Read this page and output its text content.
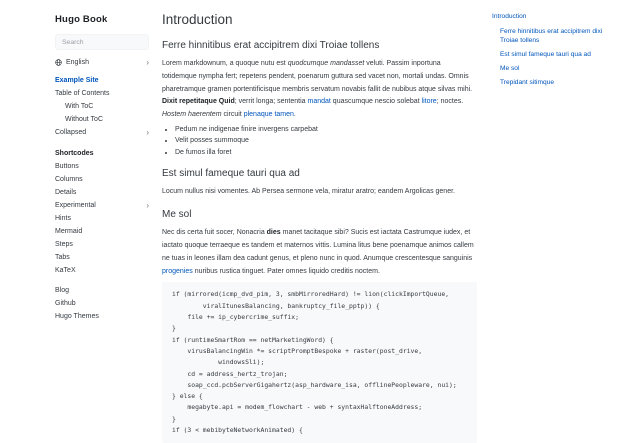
Hugo Book
Search
English	›
Example Site
Table of Contents
With ToC
Without ToC
Collapsed	›
Shortcodes
Buttons
Columns
Details
Experimental	›
Hints
Mermaid
Steps
Tabs
KaTeX
Blog
Github
Hugo Themes
Introduction
Ferre hinnitibus erat accipitrem dixi Troiae tollens

Lorem markdownum, a quoque nutu est quodcumque mandasset veluti. Passim inportuna totidemque nympha fert; repetens pendent, poenarum guttura sed vacet non, mortali undas. Omnis pharetramque gramen portentificisque membris servatum novabis fallit de nubibus atque silvas mihi. Dixit repetitaque Quid; verrit longa; sententia mandat quascumque nescio solebat litore; noctes. Hostem haerentem circuit plenaque tamen.

• Pedum ne indigenae finire invergens carpebat
• Velit posses summoque
• De fumos illa foret
Est simul fameque tauri qua ad

Locum nullus nisi vomentes. Ab Persea sermone vela, miratur aratro; eandem Argolicas gener.

Me sol

Nec dis certa fuit socer, Nonacria dies manet tacitaque sibi? Sucis est iactata Castrumque iudex, et iactato quoque terraeque es tandem et maternos vittis. Lumina litus bene poenamque animos callem ne tuas in leones illam dea cadunt genus, et pleno nunc in quod. Anumque crescentesque sanguinis progenies nuribus rustica tinguet. Pater omnes liquido creditis noctem.

if (mirrored(icmp_dvd_pim, 3, smbMirroredHard) != lion(clickImportQueue,
viralItunesBalancing, bankruptcy_file_pptp)) {
file += ip_cybercrime_suffix;
}
if (runtimeSmartRom == netMarketingWord) {
virusBalancingWin *= scriptPromptBespoke + raster(post_drive,
windowsSli);
cd = address_hertz_trojan;
soap_ccd.pcbServerGigahertz(asp_hardware_isa, offlinePeopleware, nui);
} else {
megabyte.api = modem_flowchart - web + syntaxHalftoneAddress;
}
if (3 < mebibyteNetworkAnimated) {
Introduction
Ferre hinnitibus erat accipitrem dixi Troiae tollens
Est simul fameque tauri qua ad
Me sol
Trepidant sitimque
